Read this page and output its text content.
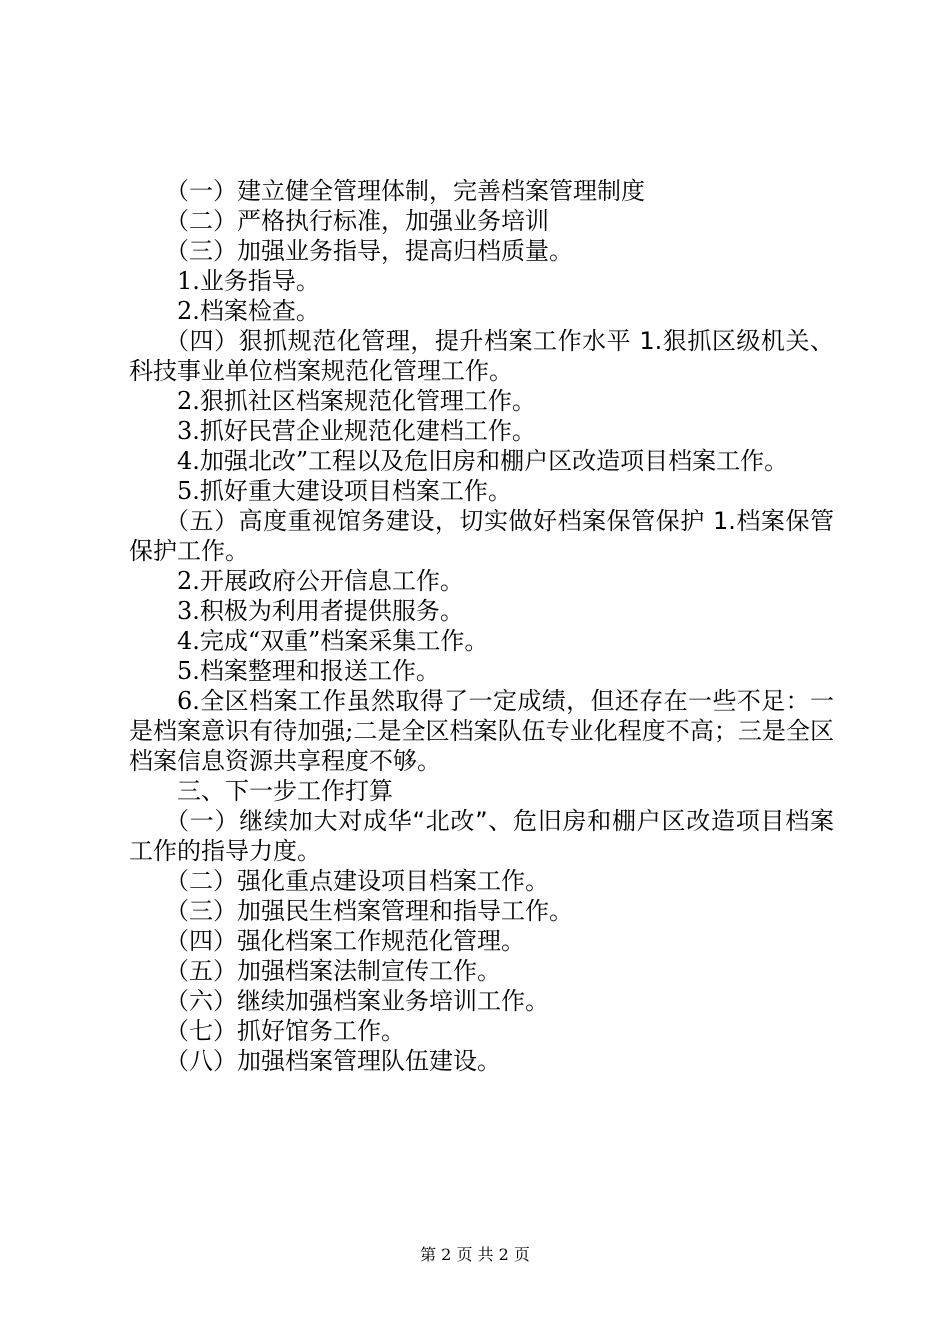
（一）建立健全管理体制，完善档案管理制度

（二）严格执行标准，加强业务培训

（三）加强业务指导，提高归档质量。

1.业务指导。

2.档案检查。

（四）狠抓规范化管理，提升档案工作水平 1.狠抓区级机关、科技事业单位档案规范化管理工作。

2.狠抓社区档案规范化管理工作。

3.抓好民营企业规范化建档工作。

4.加强北改”工程以及危旧房和棚户区改造项目档案工作。

5.抓好重大建设项目档案工作。

（五）高度重视馆务建设，切实做好档案保管保护 1.档案保管保护工作。

2.开展政府公开信息工作。

3.积极为利用者提供服务。

4.完成“双重”档案采集工作。

5.档案整理和报送工作。

6.全区档案工作虽然取得了一定成绩，但还存在一些不足：一是档案意识有待加强;二是全区档案队伍专业化程度不高；三是全区档案信息资源共享程度不够。

三、下一步工作打算

（一）继续加大对成华“北改”、危旧房和棚户区改造项目档案工作的指导力度。

（二）强化重点建设项目档案工作。

（三）加强民生档案管理和指导工作。

（四）强化档案工作规范化管理。

（五）加强档案法制宣传工作。

（六）继续加强档案业务培训工作。

（七）抓好馆务工作。

（八）加强档案管理队伍建设。

第 2 页 共 2 页
